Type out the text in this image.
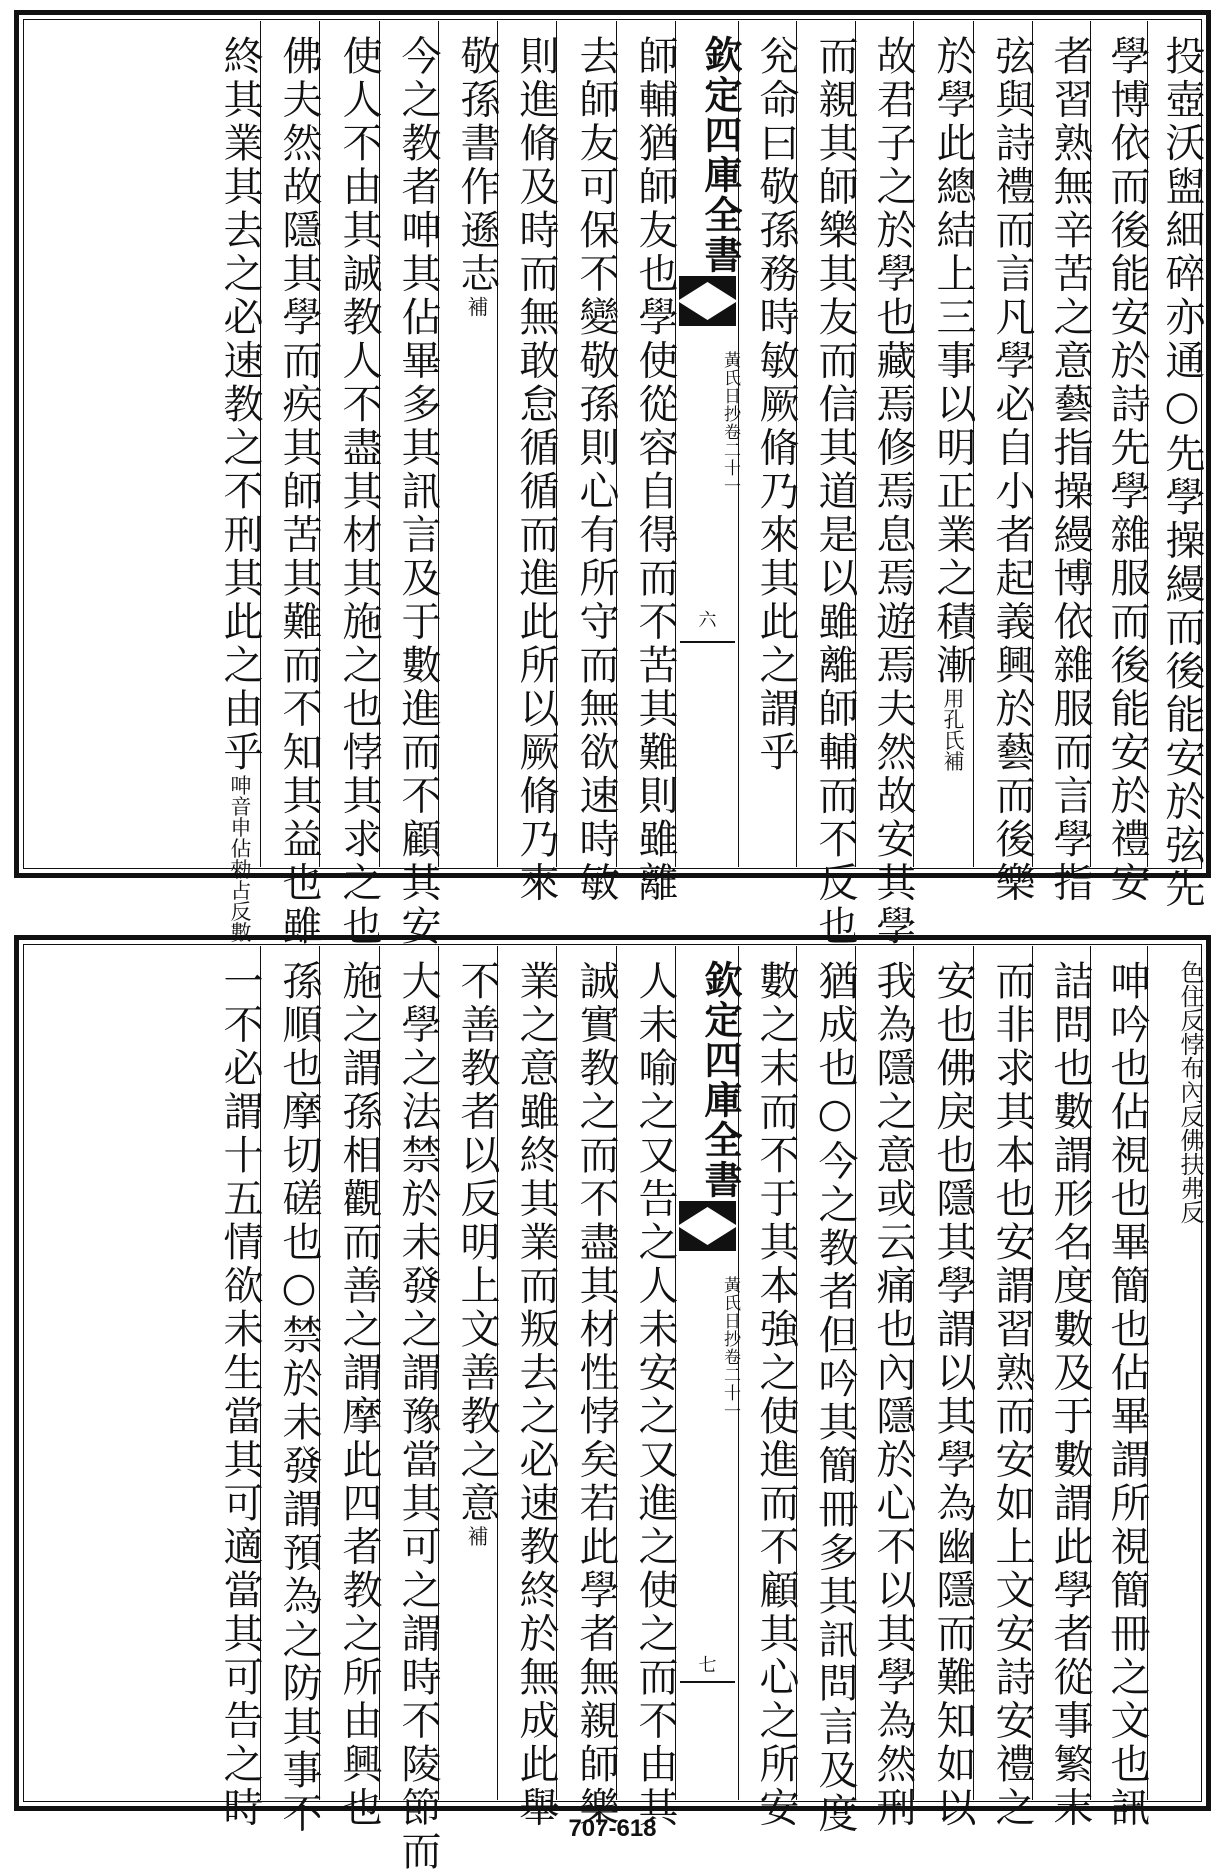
投壺沃盥細碎亦通○先學操縵而後能安於弦先
學博依而後能安於詩先學雜服而後能安於禮安
者習熟無辛苦之意藝指操縵博依雜服而言學指
弦與詩禮而言凡學必自小者起義興於藝而後樂
於學此總結上三事以明正業之積漸用孔氏補
故君子之於學也藏焉修焉息焉遊焉夫然故安其學
而親其師樂其友而信其道是以雖離師輔而不反也
兊命曰敬孫務時敏厥脩乃來其此之謂乎
欽定四庫全書
黃氏日抄卷二十一
六
師輔猶師友也學使從容自得而不苦其難則雖離
去師友可保不變敬孫則心有所守而無欲速時敏
則進脩及時而無敢怠循循而進此所以厥脩乃來
敬孫書作遜志補
今之教者呻其佔畢多其訊言及于數進而不顧其安
使人不由其誠教人不盡其材其施之也悖其求之也
佛夫然故隱其學而疾其師苦其難而不知其益也雖
終其業其去之必速教之不刑其此之由乎呻音申佔勑占反數
色住反悖布內反佛扶弗反
呻吟也佔視也畢簡也佔畢謂所視簡冊之文也訊
詰問也數謂形名度數及于數謂此學者從事繁末
而非求其本也安謂習熟而安如上文安詩安禮之
安也佛戾也隱其學謂以其學為幽隱而難知如以
我為隱之意或云痛也內隱於心不以其學為然刑
猶成也○今之教者但吟其簡冊多其訊問言及度
數之末而不于其本強之使進而不顧其心之所安
欽定四庫全書
黃氏日抄卷二十一
七
人未喻之又告之人未安之又進之使之而不由其
誠實教之而不盡其材性悖矣若此學者無親師樂
業之意雖終其業而叛去之必速教終於無成此舉
不善教者以反明上文善教之意補
大學之法禁於未發之謂豫當其可之謂時不陵節而
施之謂孫相觀而善之謂摩此四者教之所由興也
孫順也摩切磋也○禁於未發謂預為之防其事不
一不必謂十五情欲未生當其可適當其可告之時	707-618
